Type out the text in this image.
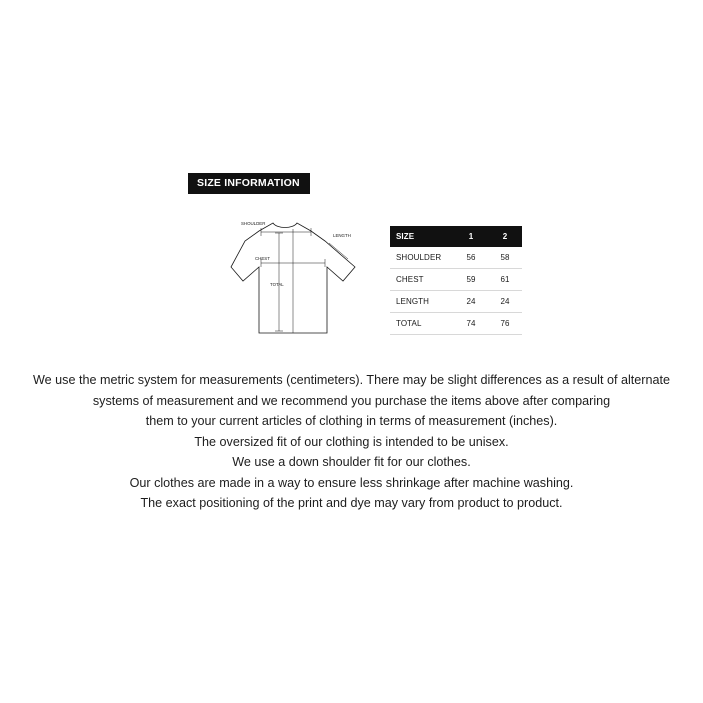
SIZE INFORMATION
SHOULDER
LENGTH
CHEST
TOTAL
SIZE	1	2
SHOULDER	56	58
CHEST	59	61
LENGTH	24	24
TOTAL	74	76

We use the metric system for measurements (centimeters). There may be slight differences as a result of alternate systems of measurement and we recommend you purchase the items above after comparing

them to your current articles of clothing in terms of measurement (inches).

The oversized fit of our clothing is intended to be unisex.

We use a down shoulder fit for our clothes.

Our clothes are made in a way to ensure less shrinkage after machine washing.

The exact positioning of the print and dye may vary from product to product.
